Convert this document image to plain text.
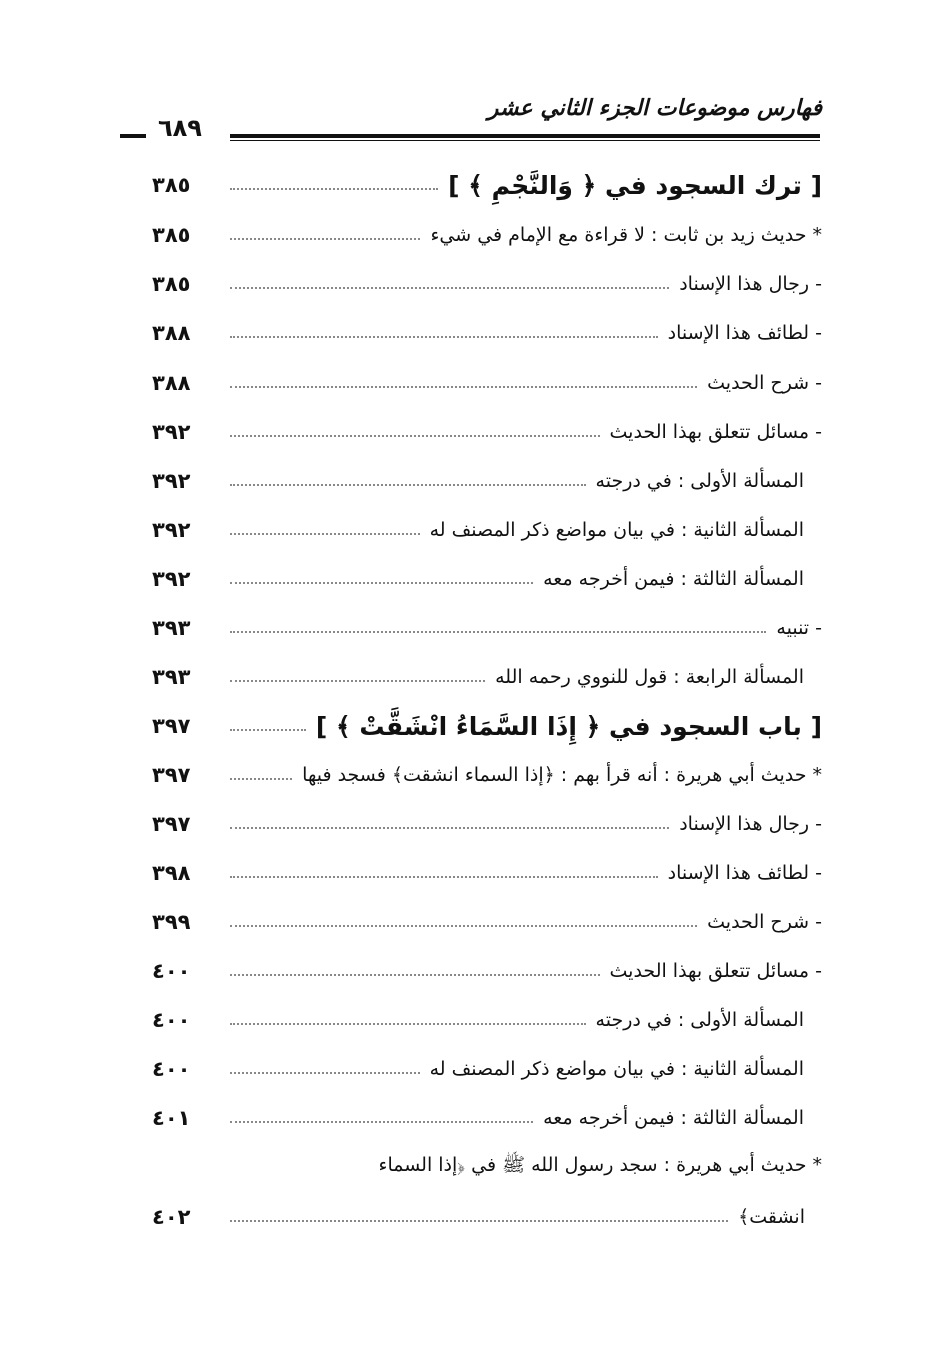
فهارس موضوعات الجزء الثاني عشر
٦٨٩
٣٨٥	[ ترك السجود في ﴿ وَالنَّجْمِ ﴾ ]
٣٨٥	* حديث زيد بن ثابت : لا قراءة مع الإمام في شيء
٣٨٥	- رجال هذا الإسناد
٣٨٨	- لطائف هذا الإسناد
٣٨٨	- شرح الحديث
٣٩٢	- مسائل تتعلق بهذا الحديث
٣٩٢	المسألة الأولى : في درجته
٣٩٢	المسألة الثانية : في بيان مواضع ذكر المصنف له
٣٩٢	المسألة الثالثة : فيمن أخرجه معه
٣٩٣	- تنبيه
٣٩٣	المسألة الرابعة : قول للنووي رحمه الله
٣٩٧	[ باب السجود في ﴿ إِذَا السَّمَاءُ انْشَقَّتْ ﴾ ]
٣٩٧	* حديث أبي هريرة : أنه قرأ بهم : ﴿إذا السماء انشقت﴾ فسجد فيها
٣٩٧	- رجال هذا الإسناد
٣٩٨	- لطائف هذا الإسناد
٣٩٩	- شرح الحديث
٤٠٠	- مسائل تتعلق بهذا الحديث
٤٠٠	المسألة الأولى : في درجته
٤٠٠	المسألة الثانية : في بيان مواضع ذكر المصنف له
٤٠١	المسألة الثالثة : فيمن أخرجه معه
* حديث أبي هريرة : سجد رسول الله ﷺ في ﴿إذا السماء
٤٠٢	انشقت﴾
